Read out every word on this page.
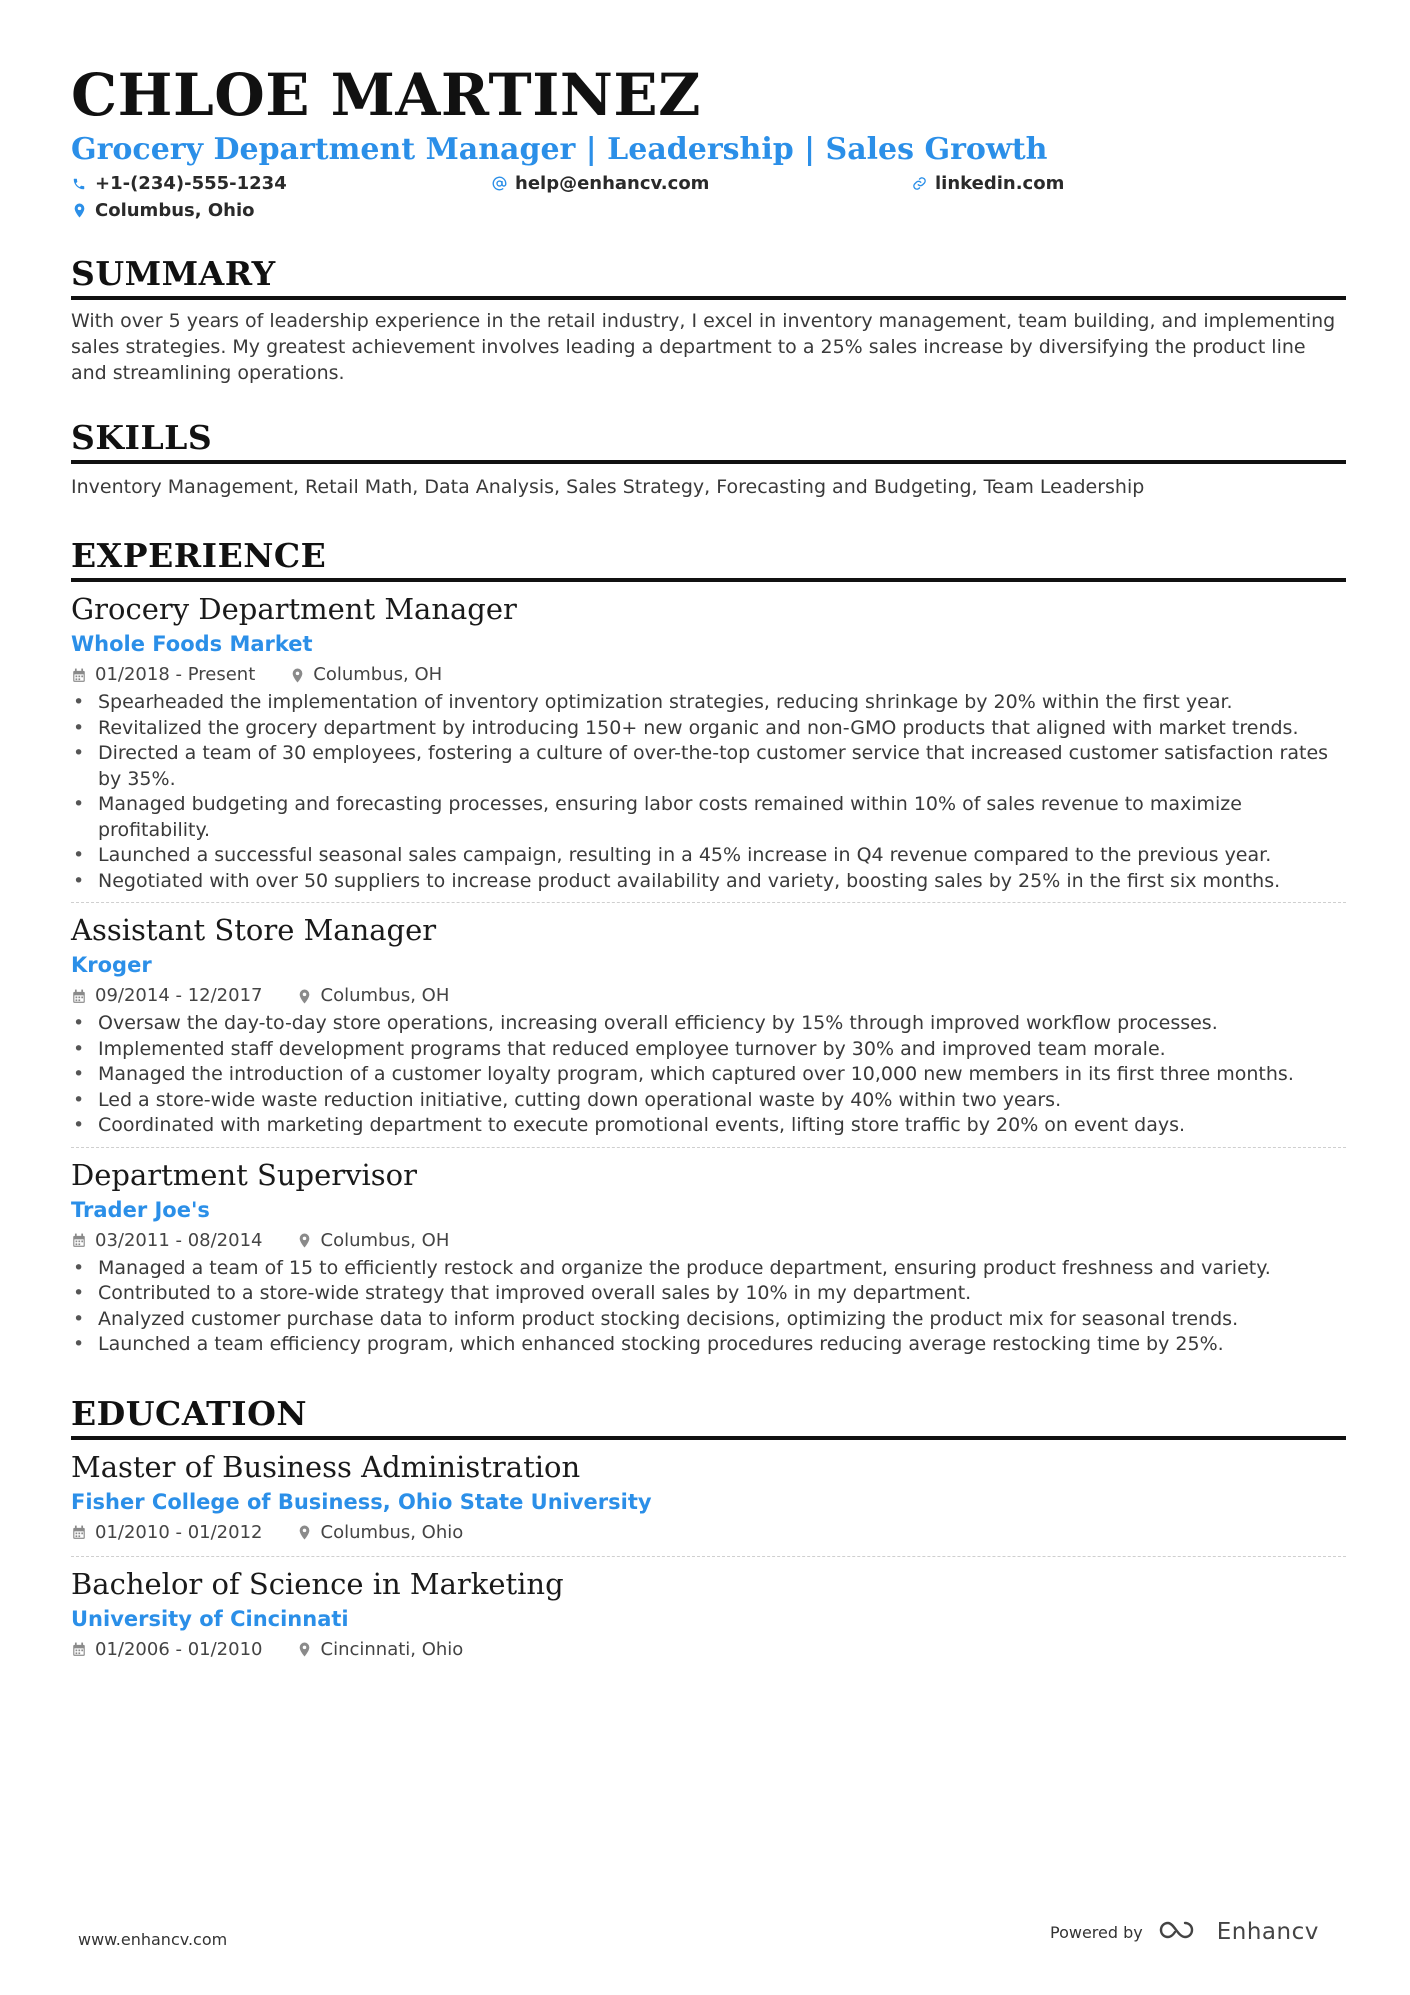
CHLOE MARTINEZ
Grocery Department Manager | Leadership | Sales Growth
+1-(234)-555-1234	help@enhancv.com	linkedin.com
Columbus, Ohio
SUMMARY

With over 5 years of leadership experience in the retail industry, I excel in inventory management, team building, and implementing sales strategies. My greatest achievement involves leading a department to a 25% sales increase by diversifying the product line and streamlining operations.

SKILLS

Inventory Management, Retail Math, Data Analysis, Sales Strategy, Forecasting and Budgeting, Team Leadership

EXPERIENCE
Grocery Department Manager
Whole Foods Market
01/2018 - Present	Columbus, OH
• Spearheaded the implementation of inventory optimization strategies, reducing shrinkage by 20% within the first year.
• Revitalized the grocery department by introducing 150+ new organic and non-GMO products that aligned with market trends.
• Directed a team of 30 employees, fostering a culture of over-the-top customer service that increased customer satisfaction rates by 35%.
• Managed budgeting and forecasting processes, ensuring labor costs remained within 10% of sales revenue to maximize profitability.
• Launched a successful seasonal sales campaign, resulting in a 45% increase in Q4 revenue compared to the previous year.
• Negotiated with over 50 suppliers to increase product availability and variety, boosting sales by 25% in the first six months.
Assistant Store Manager
Kroger
09/2014 - 12/2017	Columbus, OH
• Oversaw the day-to-day store operations, increasing overall efficiency by 15% through improved workflow processes.
• Implemented staff development programs that reduced employee turnover by 30% and improved team morale.
• Managed the introduction of a customer loyalty program, which captured over 10,000 new members in its first three months.
• Led a store-wide waste reduction initiative, cutting down operational waste by 40% within two years.
• Coordinated with marketing department to execute promotional events, lifting store traffic by 20% on event days.
Department Supervisor
Trader Joe's
03/2011 - 08/2014	Columbus, OH
• Managed a team of 15 to efficiently restock and organize the produce department, ensuring product freshness and variety.
• Contributed to a store-wide strategy that improved overall sales by 10% in my department.
• Analyzed customer purchase data to inform product stocking decisions, optimizing the product mix for seasonal trends.
• Launched a team efficiency program, which enhanced stocking procedures reducing average restocking time by 25%.
EDUCATION
Master of Business Administration
Fisher College of Business, Ohio State University
01/2010 - 01/2012	Columbus, Ohio
Bachelor of Science in Marketing
University of Cincinnati
01/2006 - 01/2010	Cincinnati, Ohio
www.enhancv.com	Powered by	Enhancv
